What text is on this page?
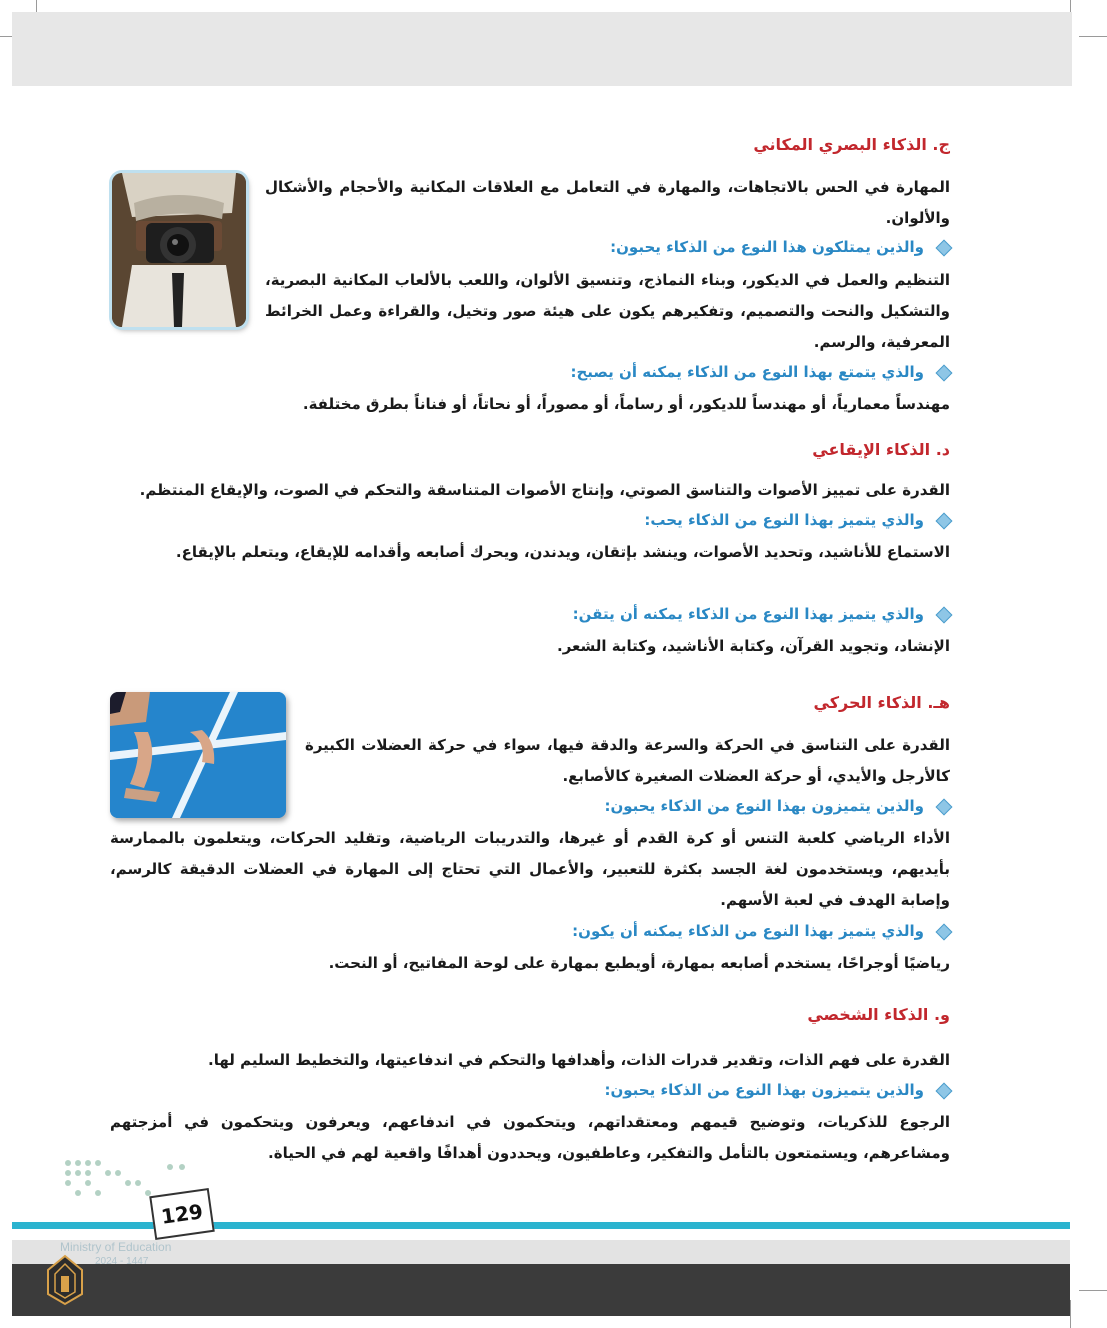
ج. الذكاء البصري المكاني

المهارة في الحس بالاتجاهات، والمهارة في التعامل مع العلاقات المكانية والأحجام والأشكال والألوان.

والذين يمتلكون هذا النوع من الذكاء يحبون:

التنظيم والعمل في الديكور، وبناء النماذج، وتنسيق الألوان، واللعب بالألعاب المكانية البصرية، والتشكيل والنحت والتصميم، وتفكيرهم يكون على هيئة صور وتخيل، والقراءة وعمل الخرائط المعرفية، والرسم.

والذي يتمتع بهذا النوع من الذكاء يمكنه أن يصبح:

مهندساً معمارياً، أو مهندساً للديكور، أو رساماً، أو مصوراً، أو نحاتاً، أو فناناً بطرق مختلفة.

د. الذكاء الإيقاعي

القدرة على تمييز الأصوات والتناسق الصوتي، وإنتاج الأصوات المتناسقة والتحكم في الصوت، والإيقاع المنتظم.

والذي يتميز بهذا النوع من الذكاء يحب:

الاستماع للأناشيد، وتحديد الأصوات، وينشد بإتقان، ويدندن، ويحرك أصابعه وأقدامه للإيقاع، ويتعلم بالإيقاع.

والذي يتميز بهذا النوع من الذكاء يمكنه أن يتقن:

الإنشاد، وتجويد القرآن، وكتابة الأناشيد، وكتابة الشعر.

هـ. الذكاء الحركي

القدرة على التناسق في الحركة والسرعة والدقة فيها، سواء في حركة العضلات الكبيرة كالأرجل والأيدي، أو حركة العضلات الصغيرة كالأصابع.

والذين يتميزون بهذا النوع من الذكاء يحبون:

الأداء الرياضي كلعبة التنس أو كرة القدم أو غيرها، والتدريبات الرياضية، وتقليد الحركات، ويتعلمون بالممارسة بأيديهم، ويستخدمون لغة الجسد بكثرة للتعبير، والأعمال التي تحتاج إلى المهارة في العضلات الدقيقة كالرسم، وإصابة الهدف في لعبة الأسهم.

والذي يتميز بهذا النوع من الذكاء يمكنه أن يكون:

رياضيًا أوجراحًا، يستخدم أصابعه بمهارة، أويطبع بمهارة على لوحة المفاتيح، أو النحت.

و. الذكاء الشخصي

القدرة على فهم الذات، وتقدير قدرات الذات، وأهدافها والتحكم في اندفاعيتها، والتخطيط السليم لها.

والذين يتميزون بهذا النوع من الذكاء يحبون:

الرجوع للذكريات، وتوضيح قيمهم ومعتقداتهم، ويتحكمون في اندفاعهم، ويعرفون ويتحكمون في أمزجتهم ومشاعرهم، ويستمتعون بالتأمل والتفكير، وعاطفيون، ويحددون أهدافًا واقعية لهم في الحياة.

129
Ministry of Education
2024 - 1447
